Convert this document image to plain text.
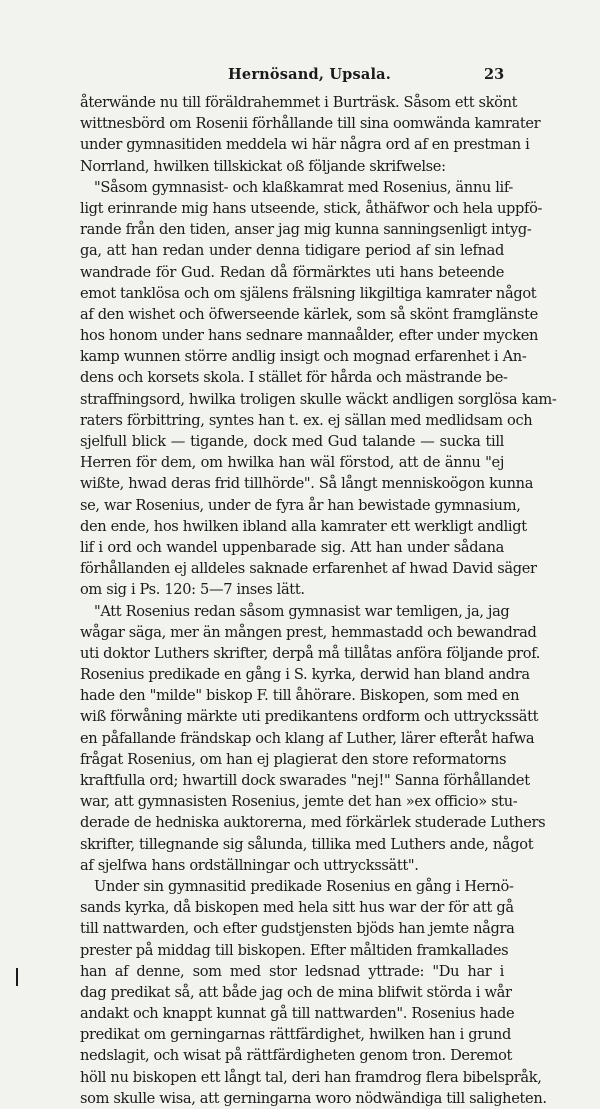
Hernösand, Upsala.	23
återwände nu till föräldrahemmet i Burträsk. Såsom ett skönt
wittnesbörd om Rosenii förhållande till sina oomwända kamrater
under gymnasitiden meddela wi här några ord af en prestman i
Norrland, hwilken tillskickat oß följande skrifwelse:
"Såsom gymnasist- och klaßkamrat med Rosenius, ännu lif-
ligt erinrande mig hans utseende, stick, åthäfwor och hela uppfö-
rande från den tiden, anser jag mig kunna sanningsenligt intyg-
ga, att han redan under denna tidigare period af sin lefnad
wandrade för Gud. Redan då förmärktes uti hans beteende
emot tanklösa och om själens frälsning likgiltiga kamrater något
af den wishet och öfwerseende kärlek, som så skönt framglänste
hos honom under hans sednare mannaålder, efter under mycken
kamp wunnen större andlig insigt och mognad erfarenhet i An-
dens och korsets skola. I stället för hårda och mästrande be-
straffningsord, hwilka troligen skulle wäckt andligen sorglösa kam-
raters förbittring, syntes han t. ex. ej sällan med medlidsam och
sjelfull blick — tigande, dock med Gud talande — sucka till
Herren för dem, om hwilka han wäl förstod, att de ännu "ej
wißte, hwad deras frid tillhörde". Så långt menniskoögon kunna
se, war Rosenius, under de fyra år han bewistade gymnasium,
den ende, hos hwilken ibland alla kamrater ett werkligt andligt
lif i ord och wandel uppenbarade sig. Att han under sådana
förhållanden ej alldeles saknade erfarenhet af hwad David säger
om sig i Ps. 120: 5—7 inses lätt.
"Att Rosenius redan såsom gymnasist war temligen, ja, jag
wågar säga, mer än mången prest, hemmastadd och bewandrad
uti doktor Luthers skrifter, derpå må tillåtas anföra följande prof.
Rosenius predikade en gång i S. kyrka, derwid han bland andra
hade den "milde" biskop F. till åhörare. Biskopen, som med en
wiß förwåning märkte uti predikantens ordform och uttryckssätt
en påfallande frändskap och klang af Luther, lärer efteråt hafwa
frågat Rosenius, om han ej plagierat den store reformatorns
kraftfulla ord; hwartill dock swarades "nej!" Sanna förhållandet
war, att gymnasisten Rosenius, jemte det han »ex officio» stu-
derade de hedniska auktorerna, med förkärlek studerade Luthers
skrifter, tillegnande sig sålunda, tillika med Luthers ande, något
af sjelfwa hans ordställningar och uttryckssätt".
Under sin gymnasitid predikade Rosenius en gång i Hernö-
sands kyrka, då biskopen med hela sitt hus war der för att gå
till nattwarden, och efter gudstjensten bjöds han jemte några
prester på middag till biskopen. Efter måltiden framkallades
han af denne, som med stor ledsnad yttrade: "Du har i
dag predikat så, att både jag och de mina blifwit störda i wår
andakt och knappt kunnat gå till nattwarden". Rosenius hade
predikat om gerningarnas rättfärdighet, hwilken han i grund
nedslagit, och wisat på rättfärdigheten genom tron. Deremot
höll nu biskopen ett långt tal, deri han framdrog flera bibelspråk,
som skulle wisa, att gerningarna woro nödwändiga till saligheten.
